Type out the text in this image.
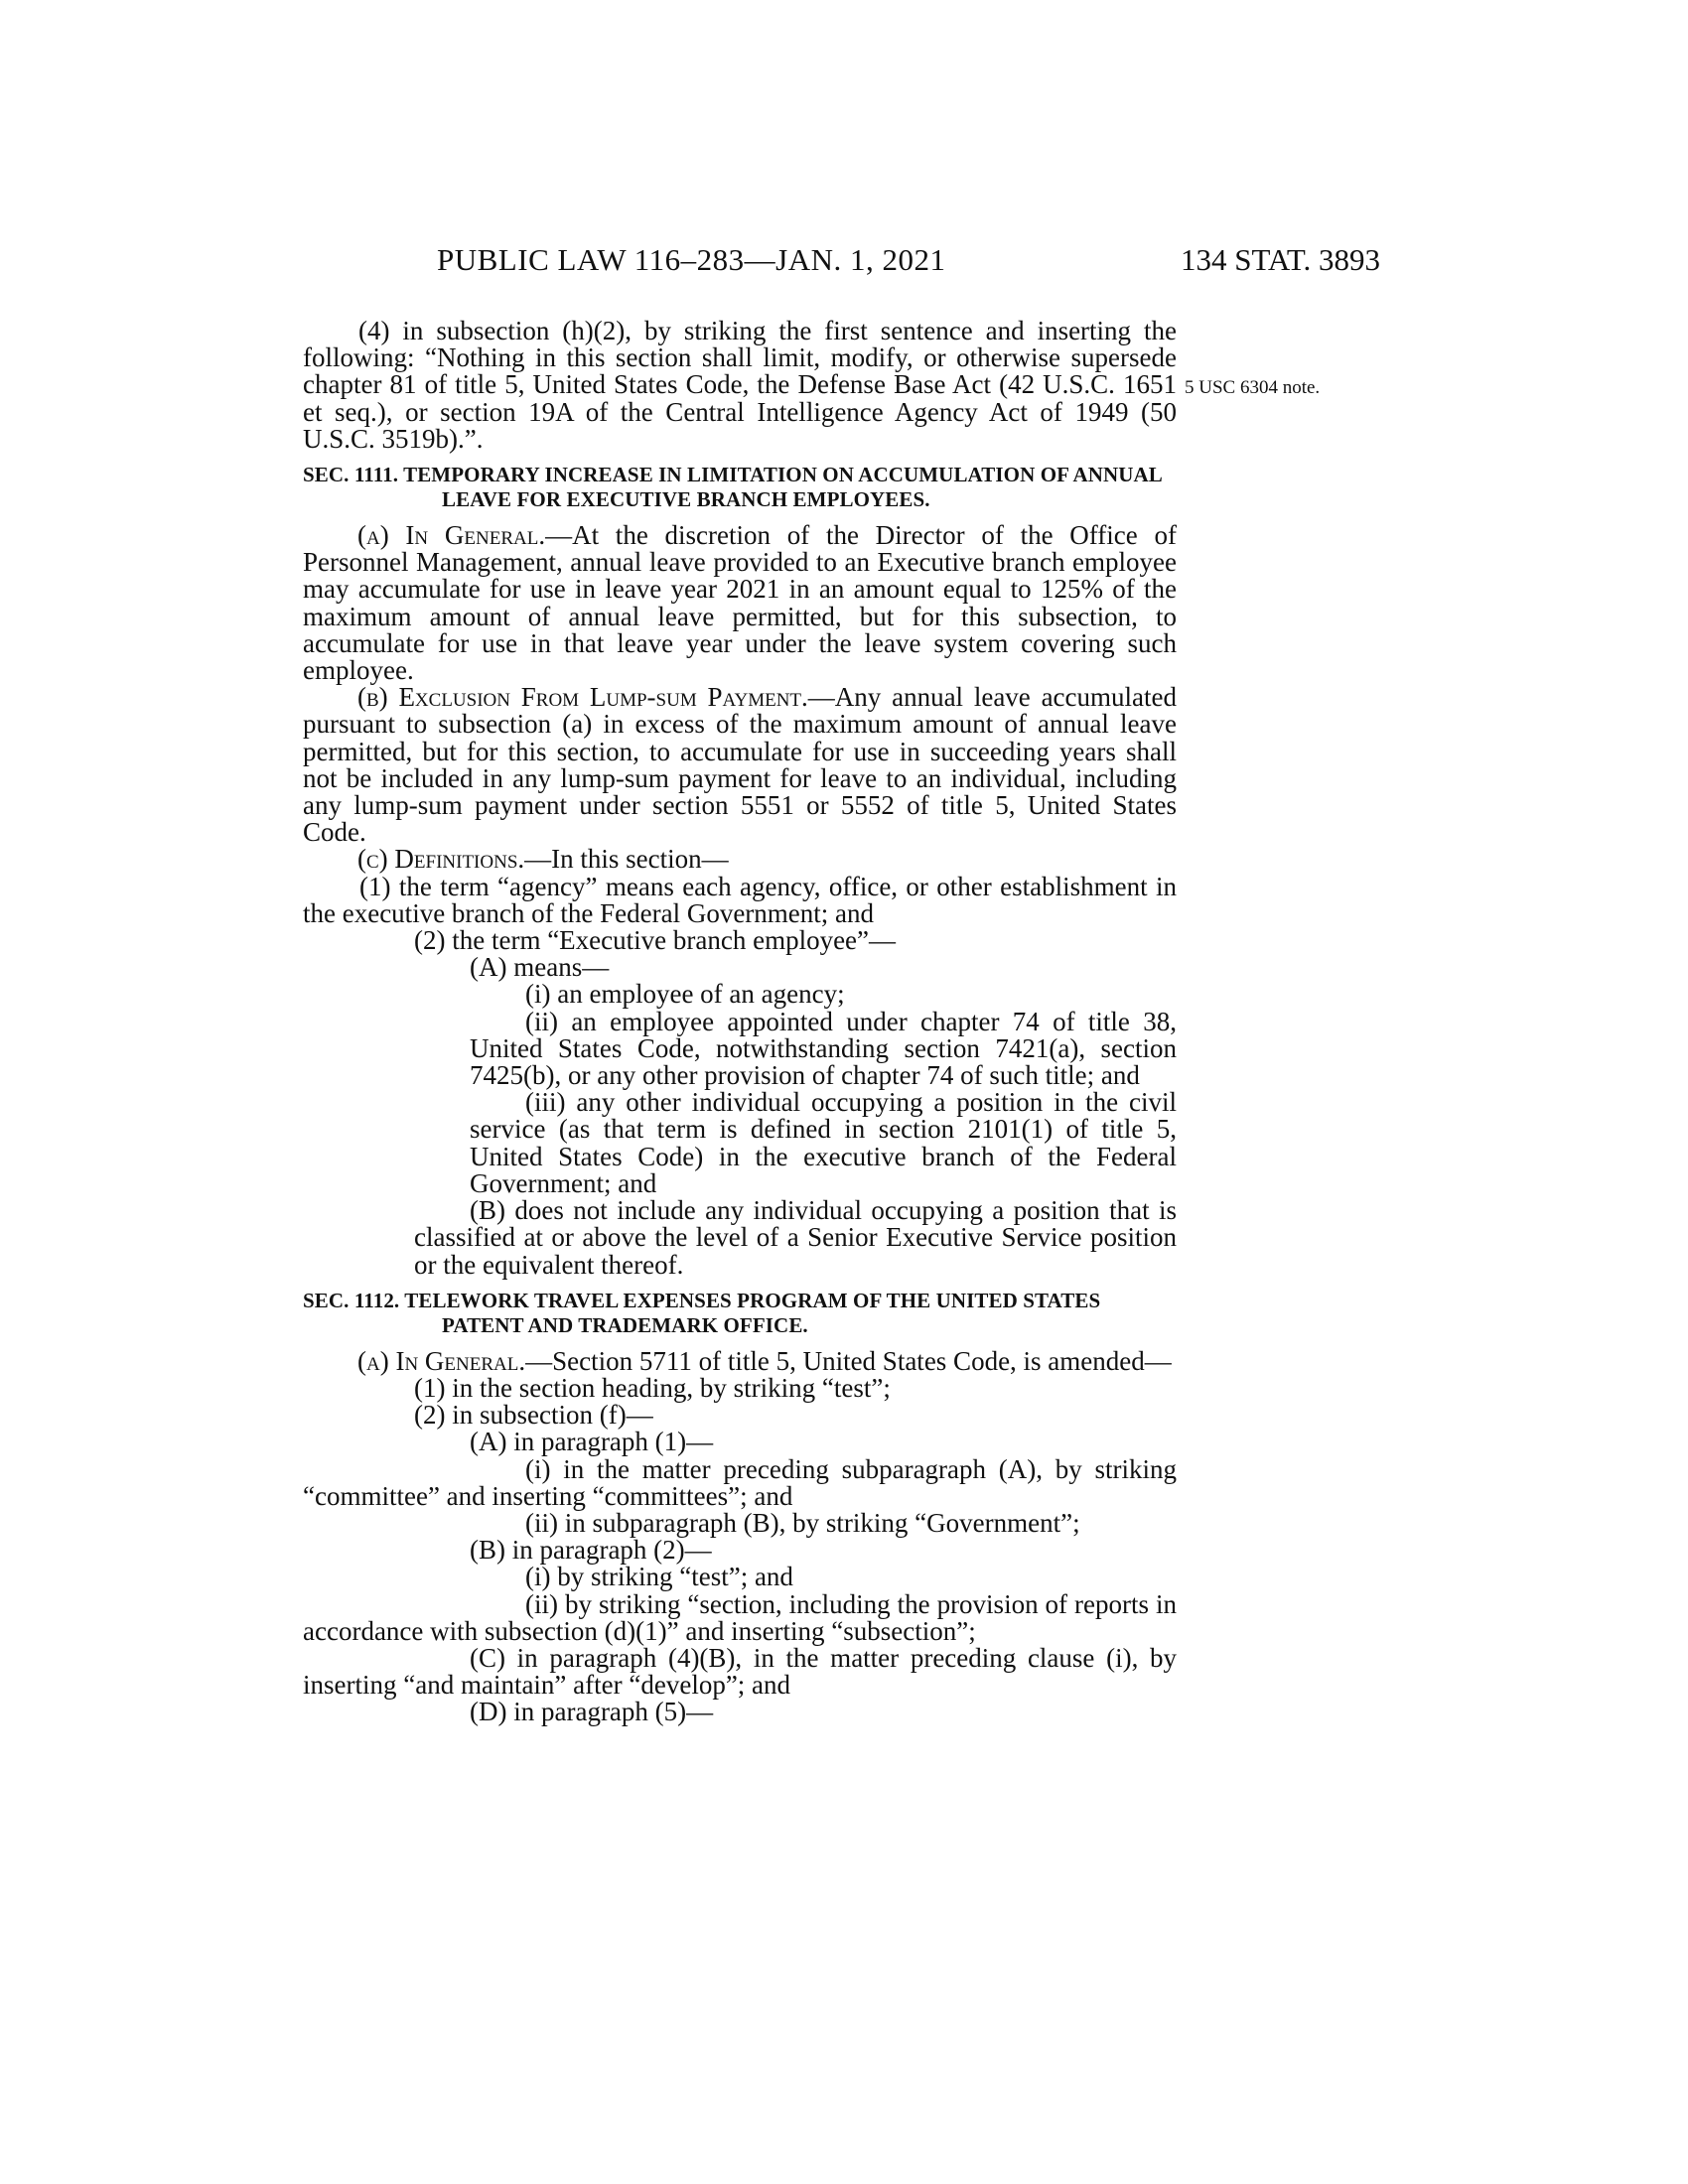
PUBLIC LAW 116–283—JAN. 1, 2021	134 STAT. 3893
5 USC 6304 note.

(4) in subsection (h)(2), by striking the first sentence and inserting the following: “Nothing in this section shall limit, modify, or otherwise supersede chapter 81 of title 5, United States Code, the Defense Base Act (42 U.S.C. 1651 et seq.), or section 19A of the Central Intelligence Agency Act of 1949 (50 U.S.C. 3519b).”.

SEC. 1111. TEMPORARY INCREASE IN LIMITATION ON ACCUMULATION OF ANNUAL LEAVE FOR EXECUTIVE BRANCH EMPLOYEES.

(a) In General.—At the discretion of the Director of the Office of Personnel Management, annual leave provided to an Executive branch employee may accumulate for use in leave year 2021 in an amount equal to 125% of the maximum amount of annual leave permitted, but for this subsection, to accumulate for use in that leave year under the leave system covering such employee.

(b) Exclusion From Lump-sum Payment.—Any annual leave accumulated pursuant to subsection (a) in excess of the maximum amount of annual leave permitted, but for this section, to accumulate for use in succeeding years shall not be included in any lump-sum payment for leave to an individual, including any lump-sum payment under section 5551 or 5552 of title 5, United States Code.

(c) Definitions.—In this section—

(1) the term “agency” means each agency, office, or other establishment in the executive branch of the Federal Government; and

(2) the term “Executive branch employee”—

(A) means—

(i) an employee of an agency;

(ii) an employee appointed under chapter 74 of title 38, United States Code, notwithstanding section 7421(a), section 7425(b), or any other provision of chapter 74 of such title; and

(iii) any other individual occupying a position in the civil service (as that term is defined in section 2101(1) of title 5, United States Code) in the executive branch of the Federal Government; and

(B) does not include any individual occupying a position that is classified at or above the level of a Senior Executive Service position or the equivalent thereof.

SEC. 1112. TELEWORK TRAVEL EXPENSES PROGRAM OF THE UNITED STATES PATENT AND TRADEMARK OFFICE.

(a) In General.—Section 5711 of title 5, United States Code, is amended—

(1) in the section heading, by striking “test”;

(2) in subsection (f)—

(A) in paragraph (1)—

(i) in the matter preceding subparagraph (A), by striking “committee” and inserting “committees”; and

(ii) in subparagraph (B), by striking “Government”;

(B) in paragraph (2)—

(i) by striking “test”; and

(ii) by striking “section, including the provision of reports in accordance with subsection (d)(1)” and inserting “subsection”;

(C) in paragraph (4)(B), in the matter preceding clause (i), by inserting “and maintain” after “develop”; and

(D) in paragraph (5)—
